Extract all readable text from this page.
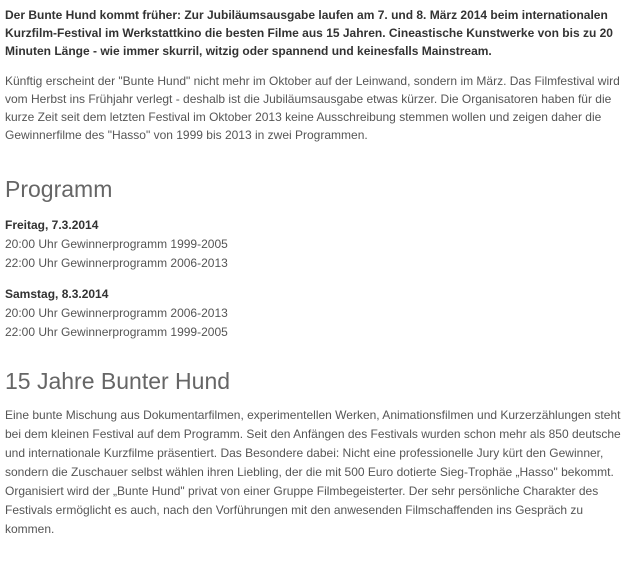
Der Bunte Hund kommt früher: Zur Jubiläumsausgabe laufen am 7. und 8. März 2014 beim internationalen Kurzfilm-Festival im Werkstattkino die besten Filme aus 15 Jahren. Cineastische Kunstwerke von bis zu 20 Minuten Länge - wie immer skurril, witzig oder spannend und keinesfalls Mainstream.

Künftig erscheint der "Bunte Hund" nicht mehr im Oktober auf der Leinwand, sondern im März. Das Filmfestival wird vom Herbst ins Frühjahr verlegt - deshalb ist die Jubiläumsausgabe etwas kürzer. Die Organisatoren haben für die kurze Zeit seit dem letzten Festival im Oktober 2013 keine Ausschreibung stemmen wollen und zeigen daher die Gewinnerfilme des "Hasso" von 1999 bis 2013 in zwei Programmen.

Programm
Freitag, 7.3.2014
20:00 Uhr Gewinnerprogramm 1999-2005
22:00 Uhr Gewinnerprogramm 2006-2013
Samstag, 8.3.2014
20:00 Uhr Gewinnerprogramm 2006-2013
22:00 Uhr Gewinnerprogramm 1999-2005
15 Jahre Bunter Hund

Eine bunte Mischung aus Dokumentarfilmen, experimentellen Werken, Animationsfilmen und Kurzerzählungen steht bei dem kleinen Festival auf dem Programm. Seit den Anfängen des Festivals wurden schon mehr als 850 deutsche und internationale Kurzfilme präsentiert. Das Besondere dabei: Nicht eine professionelle Jury kürt den Gewinner, sondern die Zuschauer selbst wählen ihren Liebling, der die mit 500 Euro dotierte Sieg-Trophäe „Hasso" bekommt. Organisiert wird der „Bunte Hund" privat von einer Gruppe Filmbegeisterter. Der sehr persönliche Charakter des Festivals ermöglicht es auch, nach den Vorführungen mit den anwesenden Filmschaffenden ins Gespräch zu kommen.
